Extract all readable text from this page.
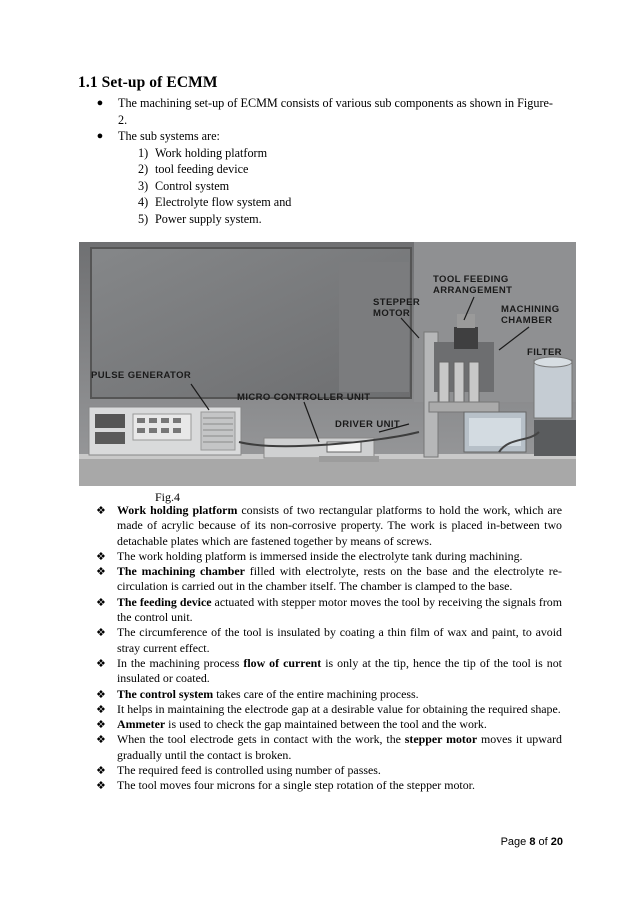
1.1 Set-up of ECMM
● The machining set-up of ECMM consists of various sub components as shown in Figure-2.
● The sub systems are:
1) Work holding platform
2) tool feeding device
3) Control system
4) Electrolyte flow system and
5) Power supply system.
TOOL FEEDING
ARRANGEMENT
STEPPER
MOTOR	MACHINING
CHAMBER
FILTER
PULSE GENERATOR
MICRO CONTROLLER UNIT
DRIVER UNIT
Fig.4
❖ Work holding platform consists of two rectangular platforms to hold the work, which are made of acrylic because of its non-corrosive property. The work is placed in-between two detachable plates which are fastened together by means of screws.
❖ The work holding platform is immersed inside the electrolyte tank during machining.
❖ The machining chamber filled with electrolyte, rests on the base and the electrolyte re-circulation is carried out in the chamber itself. The chamber is clamped to the base.
❖ The feeding device actuated with stepper motor moves the tool by receiving the signals from the control unit.
❖ The circumference of the tool is insulated by coating a thin film of wax and paint, to avoid stray current effect.
❖ In the machining process flow of current is only at the tip, hence the tip of the tool is not insulated or coated.
❖ The control system takes care of the entire machining process.
❖ It helps in maintaining the electrode gap at a desirable value for obtaining the required shape.
❖ Ammeter is used to check the gap maintained between the tool and the work.
❖ When the tool electrode gets in contact with the work, the stepper motor moves it upward gradually until the contact is broken.
❖ The required feed is controlled using number of passes.
❖ The tool moves four microns for a single step rotation of the stepper motor.
Page 8 of 20
